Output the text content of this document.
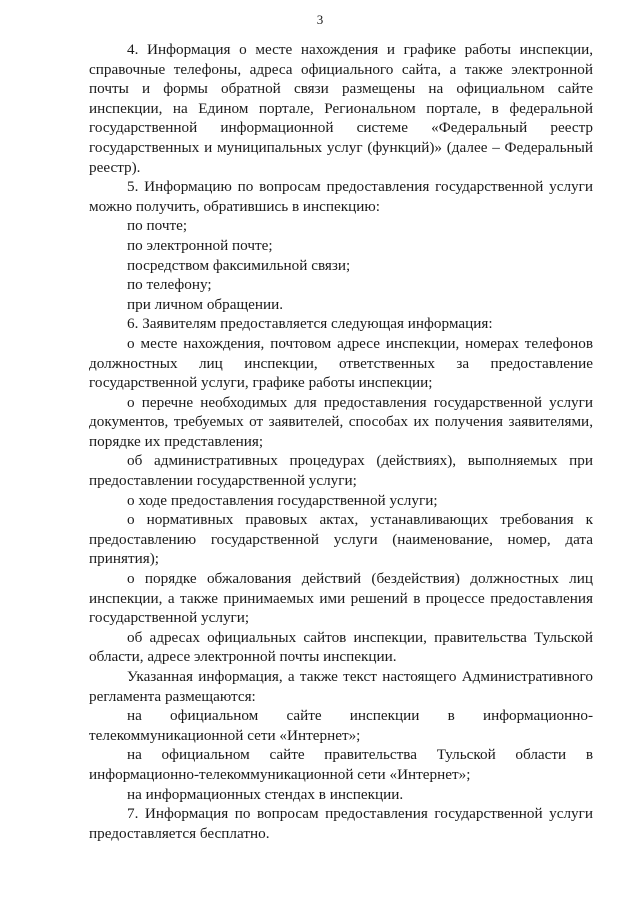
3

4. Информация о месте нахождения и графике работы инспекции, справочные телефоны, адреса официального сайта, а также электронной почты и формы обратной связи размещены на официальном сайте инспекции, на Едином портале, Региональном портале, в федеральной государственной информационной системе «Федеральный реестр государственных и муниципальных услуг (функций)» (далее – Федеральный реестр).

5. Информацию по вопросам предоставления государственной услуги можно получить, обратившись в инспекцию:

по почте;

по электронной почте;

посредством факсимильной связи;

по телефону;

при личном обращении.

6. Заявителям предоставляется следующая информация:

о месте нахождения, почтовом адресе инспекции, номерах телефонов должностных лиц инспекции, ответственных за предоставление государственной услуги, графике работы инспекции;

о перечне необходимых для предоставления государственной услуги документов, требуемых от заявителей, способах их получения заявителями, порядке их представления;

об административных процедурах (действиях), выполняемых при предоставлении государственной услуги;

о ходе предоставления государственной услуги;

о нормативных правовых актах, устанавливающих требования к предоставлению государственной услуги (наименование, номер, дата принятия);

о порядке обжалования действий (бездействия) должностных лиц инспекции, а также принимаемых ими решений в процессе предоставления государственной услуги;

об адресах официальных сайтов инспекции, правительства Тульской области, адресе электронной почты инспекции.

Указанная информация, а также текст настоящего Административного регламента размещаются:

на официальном сайте инспекции в информационно-телекоммуникационной сети «Интернет»;

на официальном сайте правительства Тульской области в информационно-телекоммуникационной сети «Интернет»;

на информационных стендах в инспекции.

7. Информация по вопросам предоставления государственной услуги предоставляется бесплатно.
